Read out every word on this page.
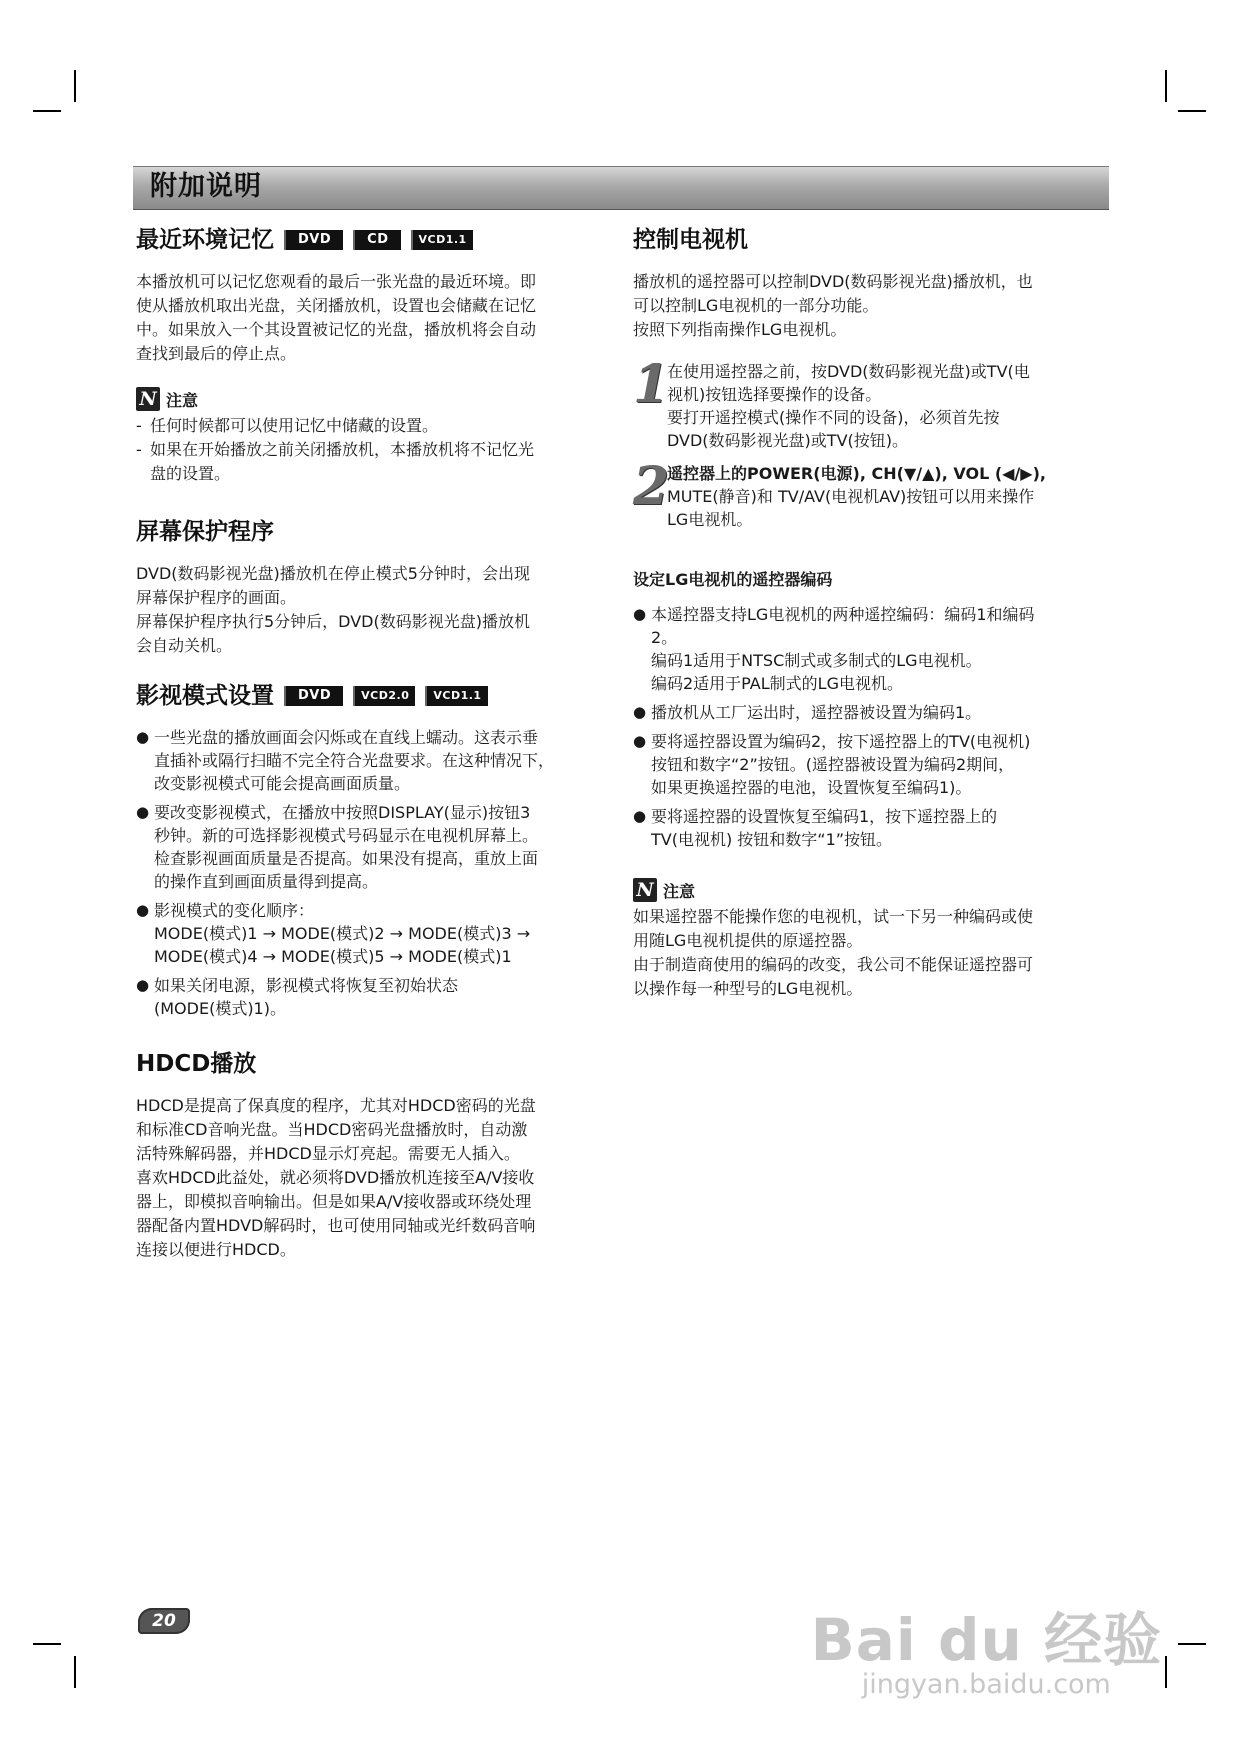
附加说明
最近环境记忆	DVD	CD	VCD1.1

本播放机可以记忆您观看的最后一张光盘的最近环境。即

使从播放机取出光盘，关闭播放机，设置也会储藏在记忆

中。如果放入一个其设置被记忆的光盘，播放机将会自动

查找到最后的停止点。

N 注意
- 任何时候都可以使用记忆中储藏的设置。
- 如果在开始播放之前关闭播放机，本播放机将不记忆光
盘的设置。
屏幕保护程序

DVD(数码影视光盘)播放机在停止模式5分钟时，会出现

屏幕保护程序的画面。

屏幕保护程序执行5分钟后，DVD(数码影视光盘)播放机

会自动关机。

影视模式设置	DVD	VCD2.0	VCD1.1
● 一些光盘的播放画面会闪烁或在直线上蠕动。这表示垂
直插补或隔行扫瞄不完全符合光盘要求。在这种情况下，
改变影视模式可能会提高画面质量。
● 要改变影视模式，在播放中按照DISPLAY(显示)按钮3
秒钟。新的可选择影视模式号码显示在电视机屏幕上。
检查影视画面质量是否提高。如果没有提高，重放上面
的操作直到画面质量得到提高。
● 影视模式的变化顺序：
MODE(模式)1 → MODE(模式)2 → MODE(模式)3 →
MODE(模式)4 → MODE(模式)5 → MODE(模式)1
● 如果关闭电源，影视模式将恢复至初始状态
(MODE(模式)1)。
HDCD播放

HDCD是提高了保真度的程序，尤其对HDCD密码的光盘

和标准CD音响光盘。当HDCD密码光盘播放时，自动激

活特殊解码器，并HDCD显示灯亮起。需要无人插入。

喜欢HDCD此益处，就必须将DVD播放机连接至A/V接收

器上，即模拟音响输出。但是如果A/V接收器或环绕处理

器配备内置HDVD解码时，也可使用同轴或光纤数码音响

连接以便进行HDCD。

控制电视机

播放机的遥控器可以控制DVD(数码影视光盘)播放机，也

可以控制LG电视机的一部分功能。

按照下列指南操作LG电视机。

1
在使用遥控器之前，按DVD(数码影视光盘)或TV(电
视机)按钮选择要操作的设备。
要打开遥控模式(操作不同的设备)，必须首先按
DVD(数码影视光盘)或TV(按钮)。
2
遥控器上的POWER(电源), CH(▼/▲), VOL (◀/▶),
MUTE(静音)和 TV/AV(电视机AV)按钮可以用来操作
LG电视机。
设定LG电视机的遥控器编码
● 本遥控器支持LG电视机的两种遥控编码：编码1和编码
2。
编码1适用于NTSC制式或多制式的LG电视机。
编码2适用于PAL制式的LG电视机。
● 播放机从工厂运出时，遥控器被设置为编码1。
● 要将遥控器设置为编码2，按下遥控器上的TV(电视机)
按钮和数字“2”按钮。(遥控器被设置为编码2期间，
如果更换遥控器的电池，设置恢复至编码1)。
● 要将遥控器的设置恢复至编码1，按下遥控器上的
TV(电视机) 按钮和数字“1”按钮。
N 注意

如果遥控器不能操作您的电视机，试一下另一种编码或使

用随LG电视机提供的原遥控器。

由于制造商使用的编码的改变，我公司不能保证遥控器可

以操作每一种型号的LG电视机。

20	Bai du 经验
jingyan.baidu.com
